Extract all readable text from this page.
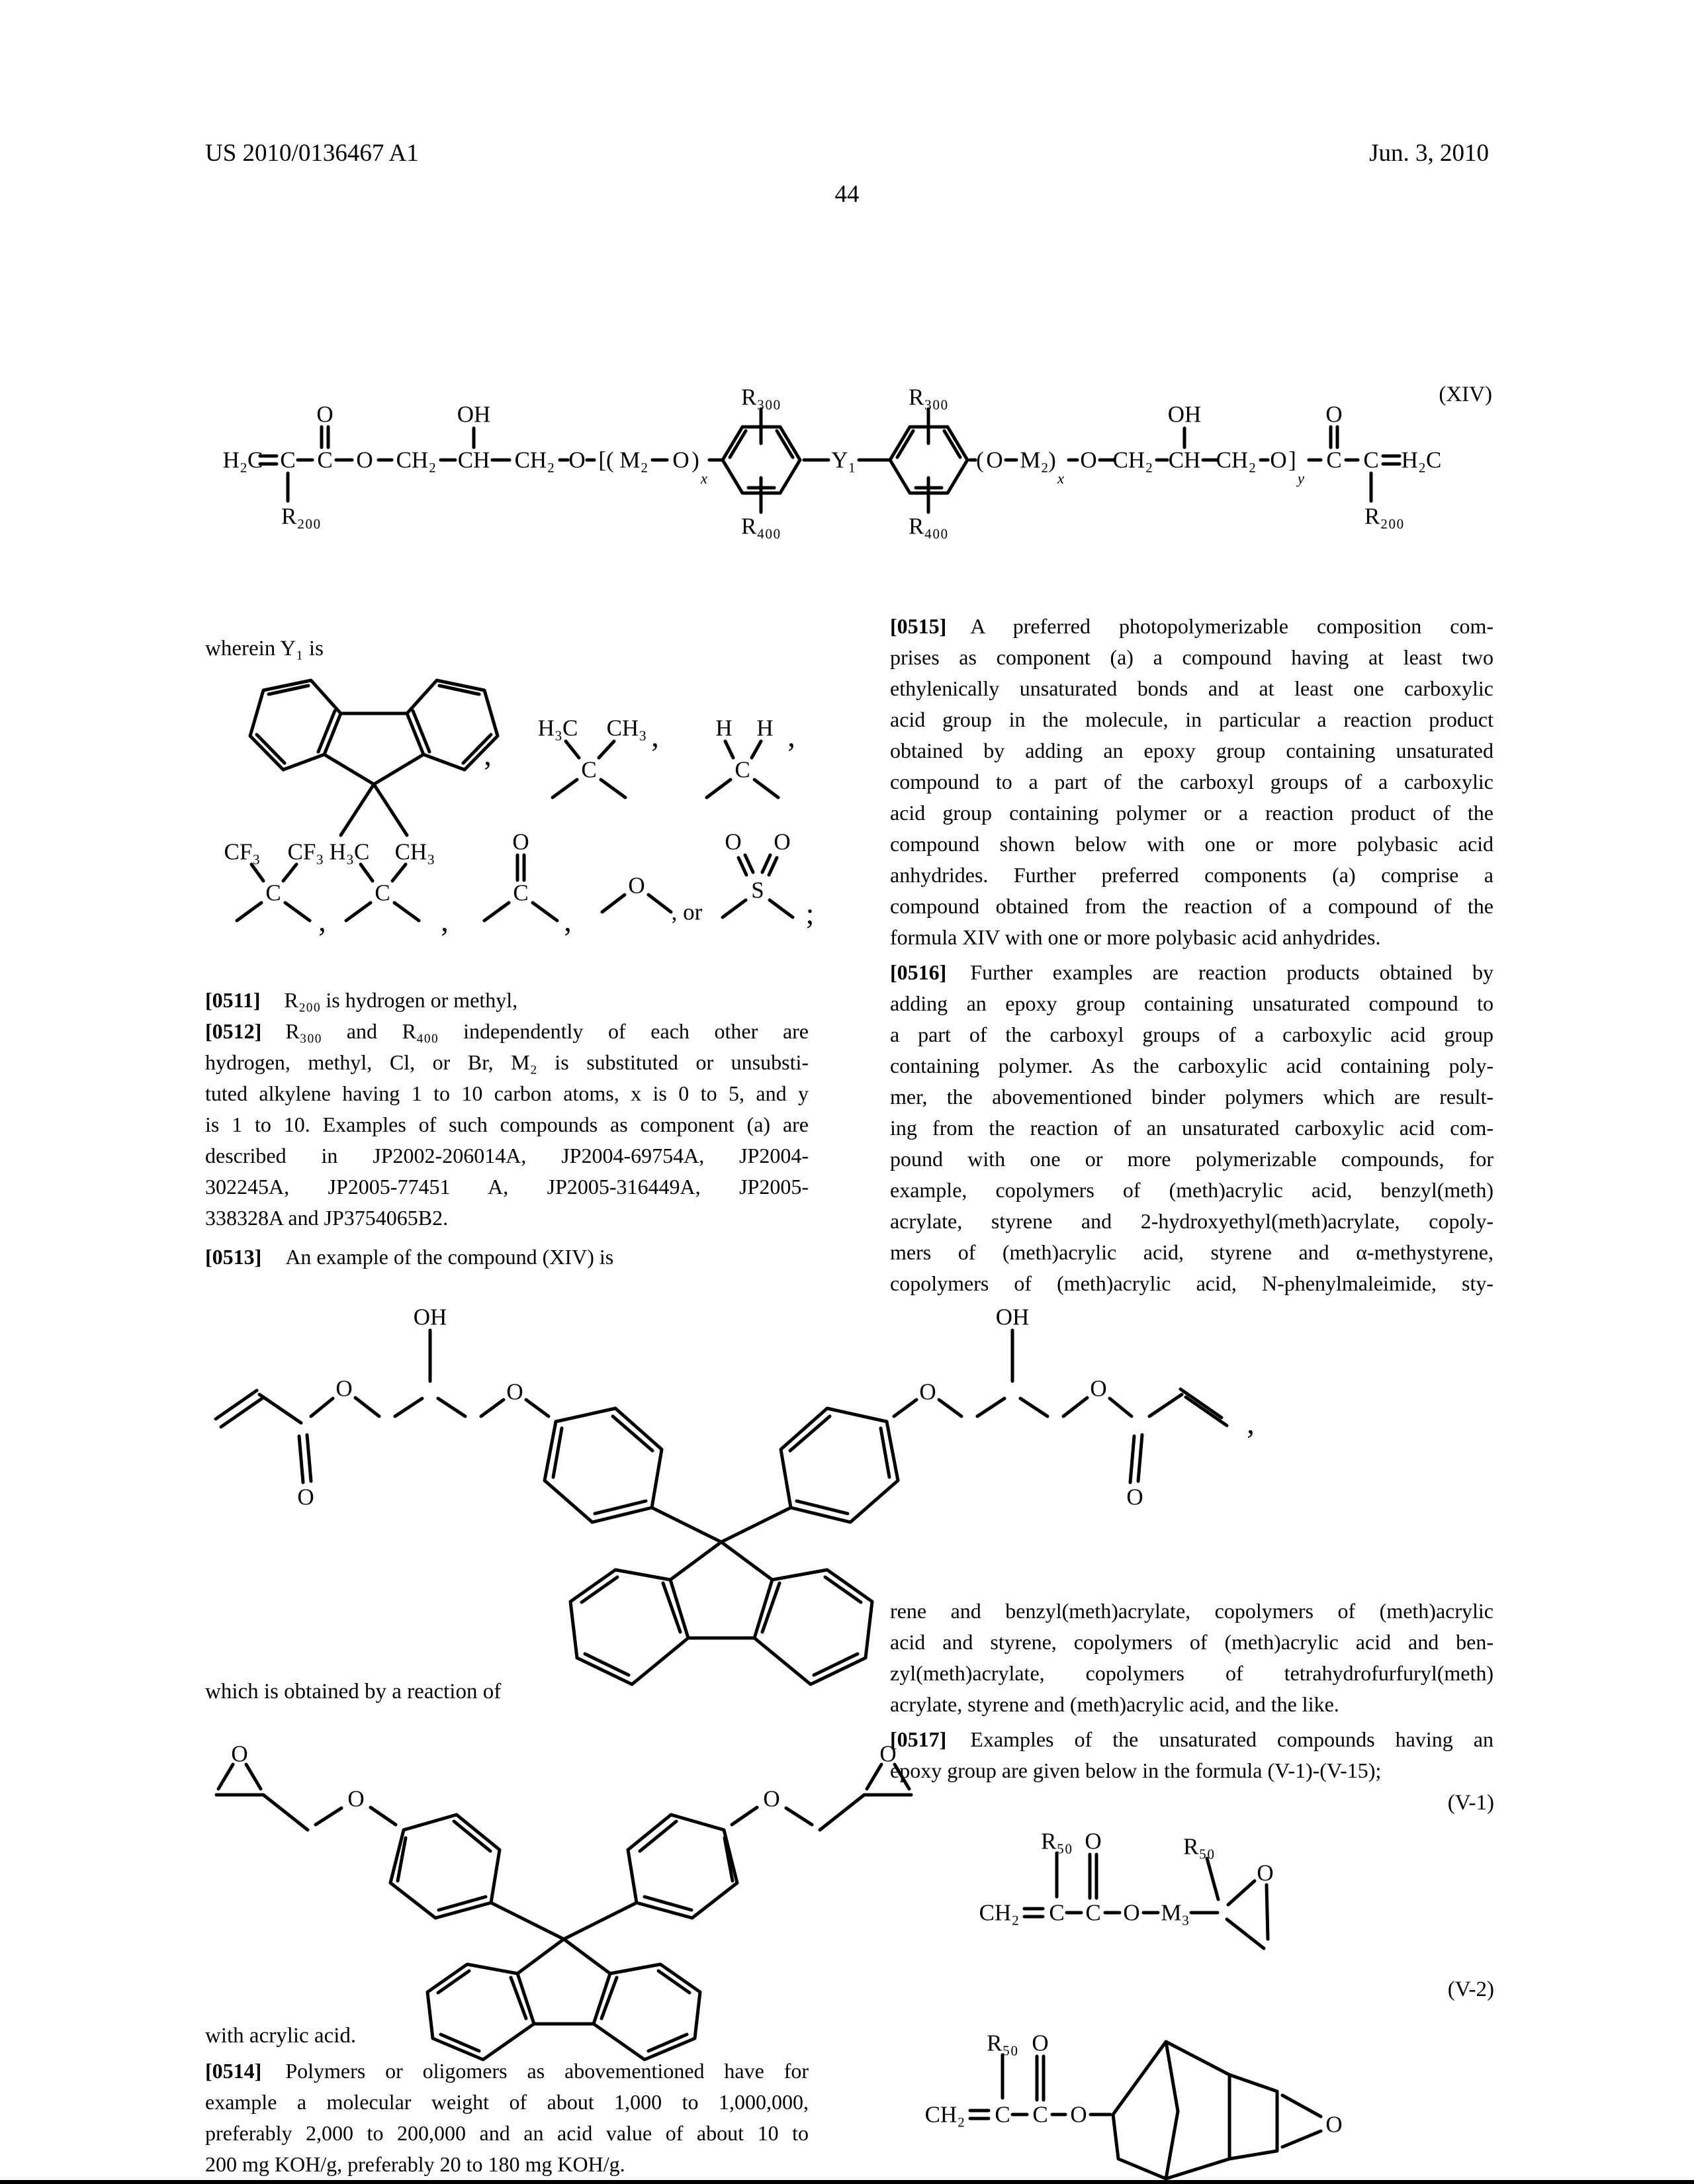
US 2010/0136467 A1	Jun. 3, 2010
44
(XIV)
wherein Y₁ is
which is obtained by a reaction of
with acrylic acid.
(V-1)
(V-2)
H₂C C
R₂₀₀
C
O
O CH₂ CH
OH
CH₂ O [( M₂ O )
x
R₃₀₀
R₄₀₀
Y₁
R₃₀₀
R₄₀₀
( O M₂ )
x
O CH₂ CH
OH
CH₂ O ]
y
C
O
C
R₂₀₀
H₂C
,
H₃C CH₃ ,
C
H H ,
C
CF₃ CF₃
C
,
H₃C CH₃
C
,
O
C
,
O
, or
O O
S
;
O
O
OH
O
OH
O	O
O
,
O
O	O
O
CH₂
R₅₀
C C
O
O M₃
R₅₀
O
CH₂
R₅₀
C C
O
O	O
[0511] R₂₀₀ is hydrogen or methyl,
[0512] R₃₀₀ and R₄₀₀ independently of each other are
hydrogen, methyl, Cl, or Br, M₂ is substituted or unsubsti-
tuted alkylene having 1 to 10 carbon atoms, x is 0 to 5, and y
is 1 to 10. Examples of such compounds as component (a) are
described in JP2002-206014A, JP2004-69754A, JP2004-
302245A, JP2005-77451 A, JP2005-316449A, JP2005-
338328A and JP3754065B2.
[0513] An example of the compound (XIV) is
[0514] Polymers or oligomers as abovementioned have for
example a molecular weight of about 1,000 to 1,000,000,
preferably 2,000 to 200,000 and an acid value of about 10 to
200 mg KOH/g, preferably 20 to 180 mg KOH/g.
[0515] A preferred photopolymerizable composition com-
prises as component (a) a compound having at least two
ethylenically unsaturated bonds and at least one carboxylic
acid group in the molecule, in particular a reaction product
obtained by adding an epoxy group containing unsaturated
compound to a part of the carboxyl groups of a carboxylic
acid group containing polymer or a reaction product of the
compound shown below with one or more polybasic acid
anhydrides. Further preferred components (a) comprise a
compound obtained from the reaction of a compound of the
formula XIV with one or more polybasic acid anhydrides.
[0516] Further examples are reaction products obtained by
adding an epoxy group containing unsaturated compound to
a part of the carboxyl groups of a carboxylic acid group
containing polymer. As the carboxylic acid containing poly-
mer, the abovementioned binder polymers which are result-
ing from the reaction of an unsaturated carboxylic acid com-
pound with one or more polymerizable compounds, for
example, copolymers of (meth)acrylic acid, benzyl(meth)
acrylate, styrene and 2-hydroxyethyl(meth)acrylate, copoly-
mers of (meth)acrylic acid, styrene and α-methystyrene,
copolymers of (meth)acrylic acid, N-phenylmaleimide, sty-
rene and benzyl(meth)acrylate, copolymers of (meth)acrylic
acid and styrene, copolymers of (meth)acrylic acid and ben-
zyl(meth)acrylate, copolymers of tetrahydrofurfuryl(meth)
acrylate, styrene and (meth)acrylic acid, and the like.
[0517] Examples of the unsaturated compounds having an
epoxy group are given below in the formula (V-1)-(V-15);
